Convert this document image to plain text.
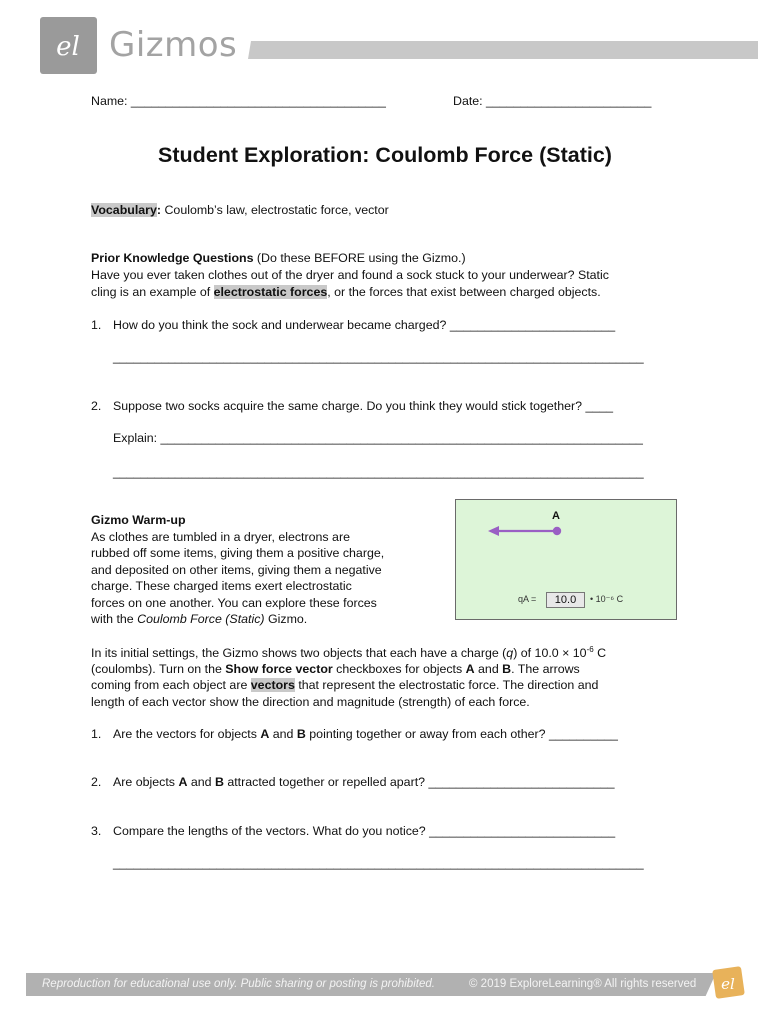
el Gizmos
Name: _____________________________________	Date: ________________________
Student Exploration: Coulomb Force (Static)
Vocabulary: Coulomb’s law, electrostatic force, vector
Prior Knowledge Questions (Do these BEFORE using the Gizmo.)
Have you ever taken clothes out of the dryer and found a sock stuck to your underwear? Static
cling is an example of electrostatic forces, or the forces that exist between charged objects.
1. How do you think the sock and underwear became charged? ________________________
_____________________________________________________________________________
2. Suppose two socks acquire the same charge. Do you think they would stick together? ____
Explain: ______________________________________________________________________
_____________________________________________________________________________
Gizmo Warm-up
As clothes are tumbled in a dryer, electrons are
rubbed off some items, giving them a positive charge,
and deposited on other items, giving them a negative
charge. These charged items exert electrostatic
forces on one another. You can explore these forces
with the Coulomb Force (Static) Gizmo.
A
qA =	10.0	• 10⁻⁶ C
In its initial settings, the Gizmo shows two objects that each have a charge (q) of $10.0 \times 10^{-6}$ C
(coulombs). Turn on the Show force vector checkboxes for objects A and B. The arrows
coming from each object are vectors that represent the electrostatic force. The direction and
length of each vector show the direction and magnitude (strength) of each force.
1. Are the vectors for objects A and B pointing together or away from each other? __________
2. Are objects A and B attracted together or repelled apart? ___________________________
3. Compare the lengths of the vectors. What do you notice? ___________________________
_____________________________________________________________________________
Reproduction for educational use only. Public sharing or posting is prohibited.	© 2019 ExploreLearning® All rights reserved el
